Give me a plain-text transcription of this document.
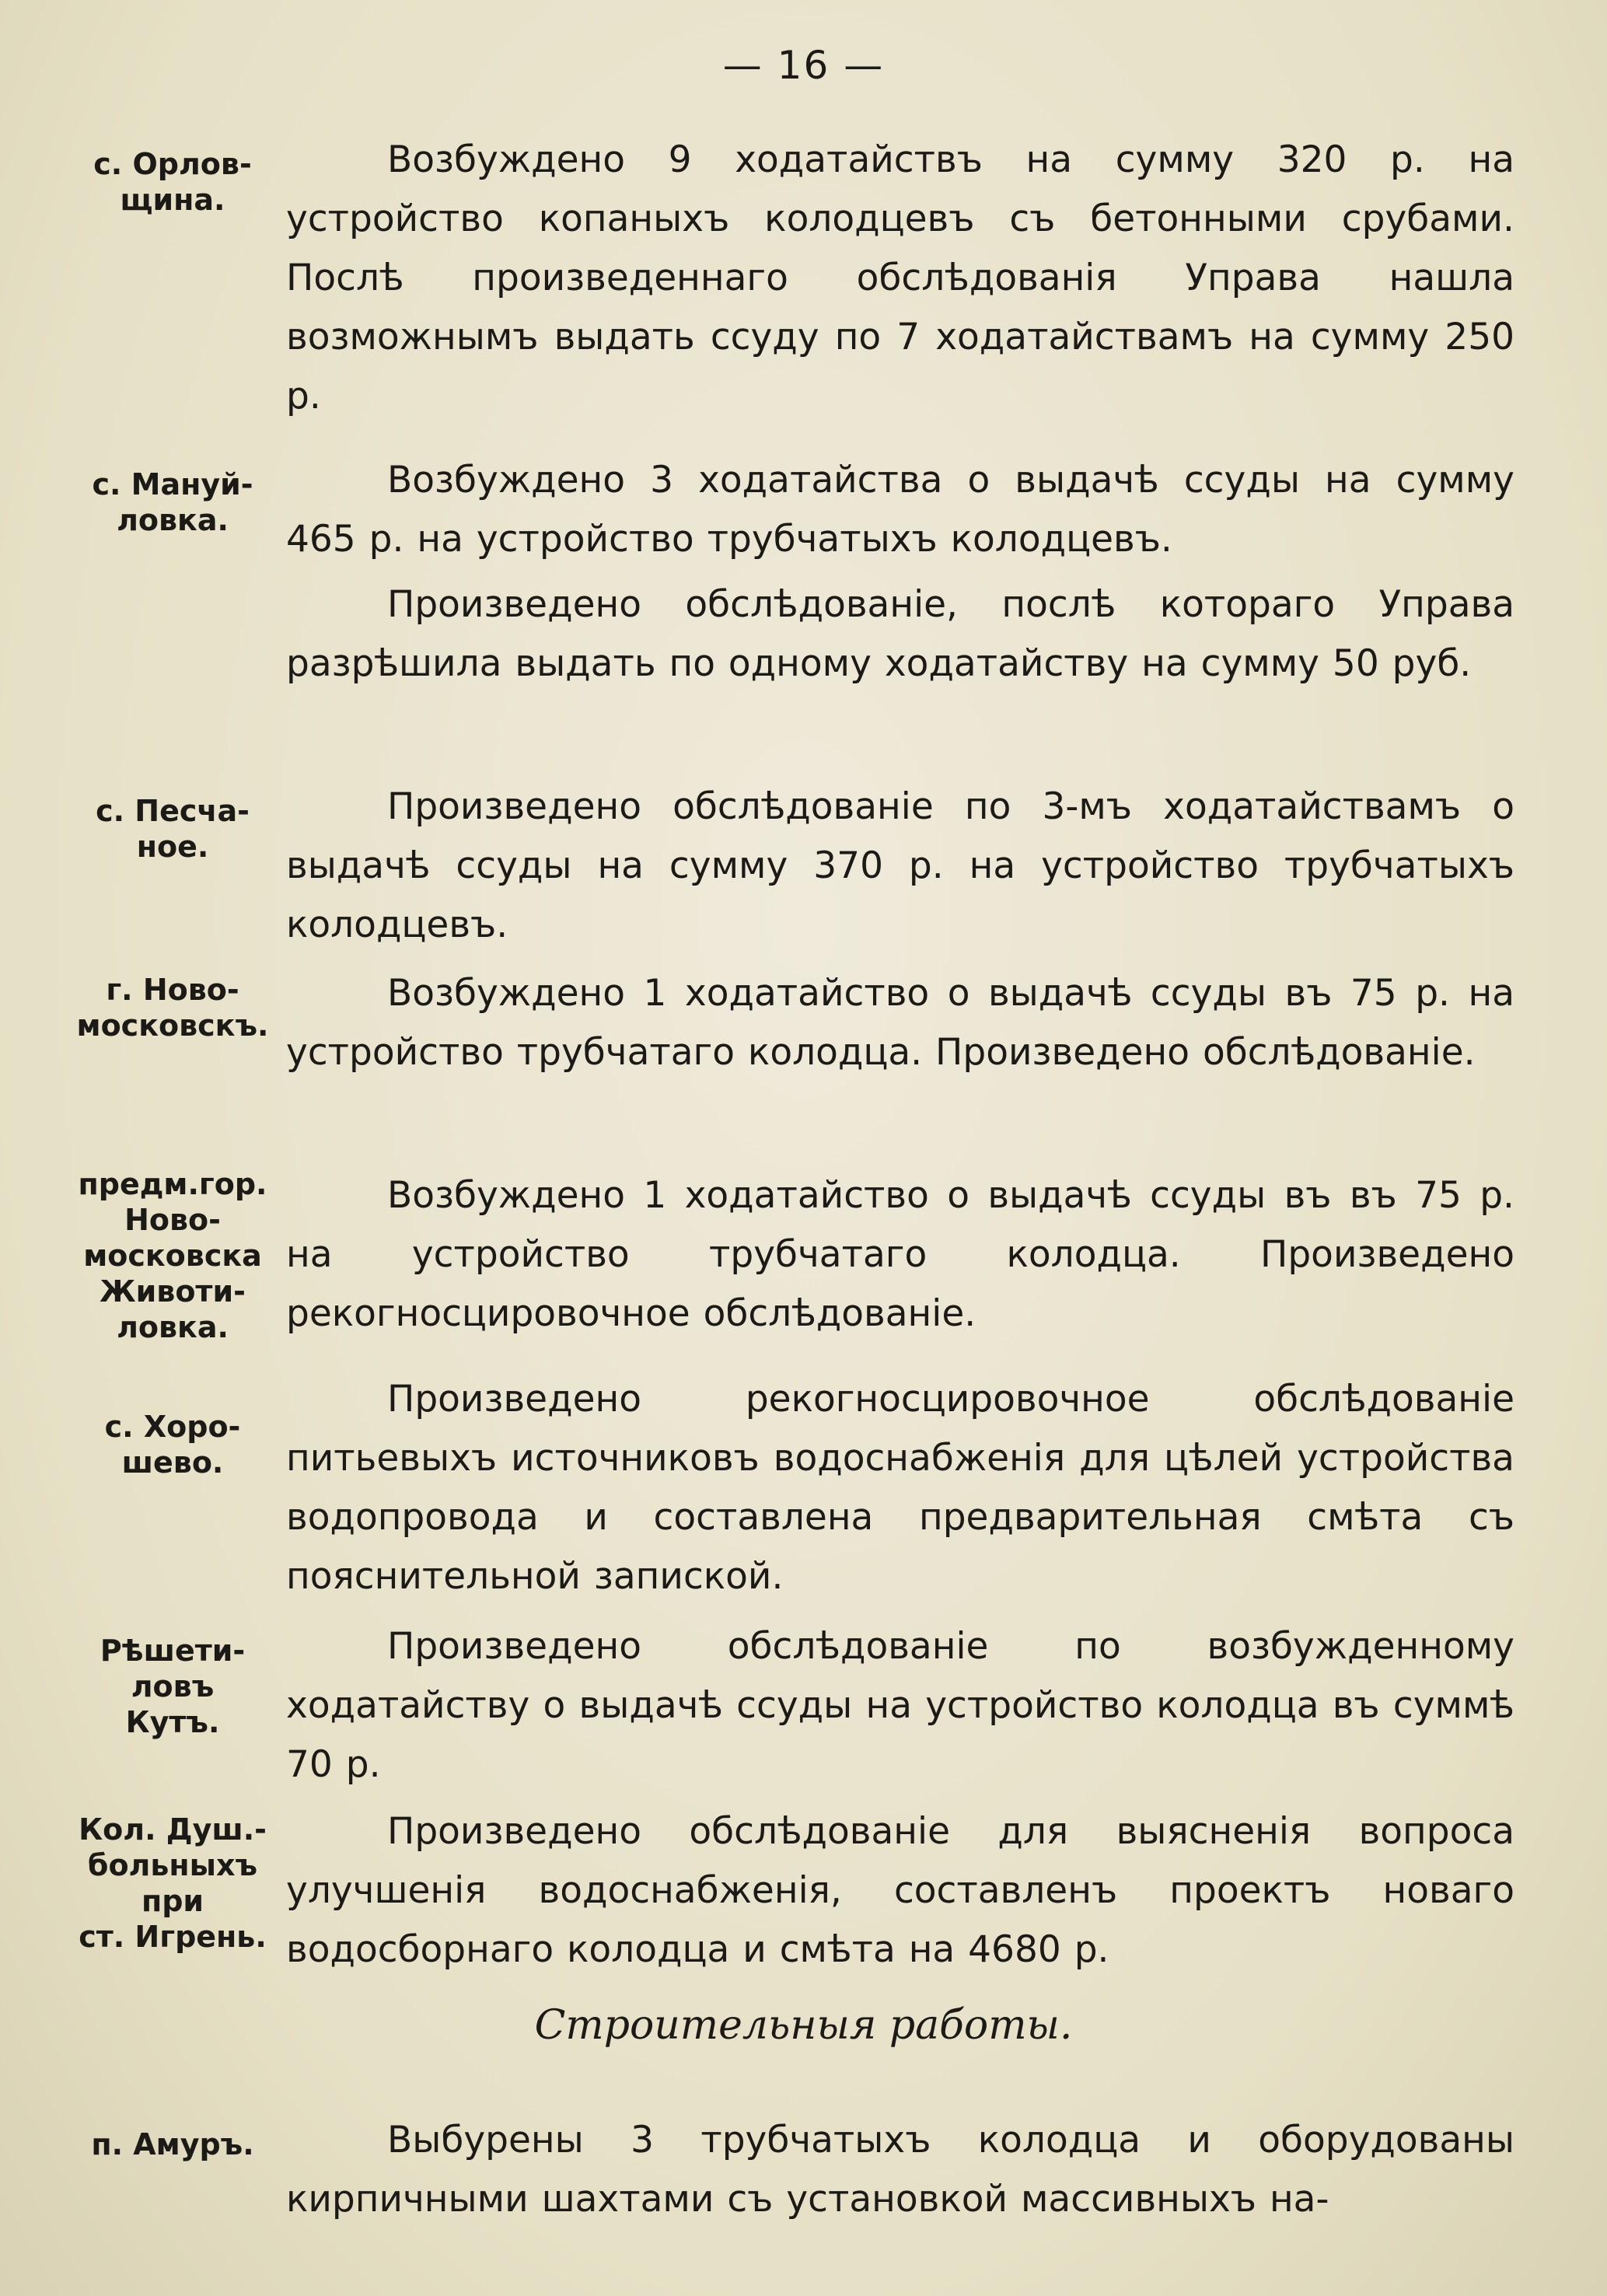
— 16 —
с. Орлов-
щина.
Возбуждено 9 ходатайствъ на сумму 320 р. на устройство копаныхъ колодцевъ съ бетонными срубами. Послѣ произведеннаго обслѣдованія Управа нашла возможнымъ выдать ссуду по 7 ходатайствамъ на сумму 250 р.
с. Мануй-
ловка.
Возбуждено 3 ходатайства о выдачѣ ссуды на сумму 465 р. на устройство трубчатыхъ колодцевъ.
Произведено обслѣдованіе, послѣ котораго Управа разрѣшила выдать по одному ходатайству на сумму 50 руб.
с. Песча-
ное.
Произведено обслѣдованіе по 3-мъ ходатайствамъ о выдачѣ ссуды на сумму 370 р. на устройство трубчатыхъ колодцевъ.
г. Ново-
московскъ.
Возбуждено 1 ходатайство о выдачѣ ссуды въ 75 р. на устройство трубчатаго колодца. Произведено обслѣдованіе.
предм.гор.
Ново-
московска
Животи-
ловка.
Возбуждено 1 ходатайство о выдачѣ ссуды въ въ 75 р. на устройство трубчатаго колодца. Произведено рекогносцировочное обслѣдованіе.
с. Хоро-
шево.
Произведено рекогносцировочное обслѣдованіе питьевыхъ источниковъ водоснабженія для цѣлей устройства водопровода и составлена предварительная смѣта съ пояснительной запиской.
Рѣшети-
ловъ
Кутъ.
Произведено обслѣдованіе по возбужденному ходатайству о выдачѣ ссуды на устройство колодца въ суммѣ 70 р.
Кол. Душ.-
больныхъ
при
ст. Игрень.
Произведено обслѣдованіе для выясненія вопроса улучшенія водоснабженія, составленъ проектъ новаго водосборнаго колодца и смѣта на 4680 р.
Строительныя работы.
п. Амуръ.	Выбурены 3 трубчатыхъ колодца и оборудованы кирпичными шахтами съ установкой массивныхъ на-
